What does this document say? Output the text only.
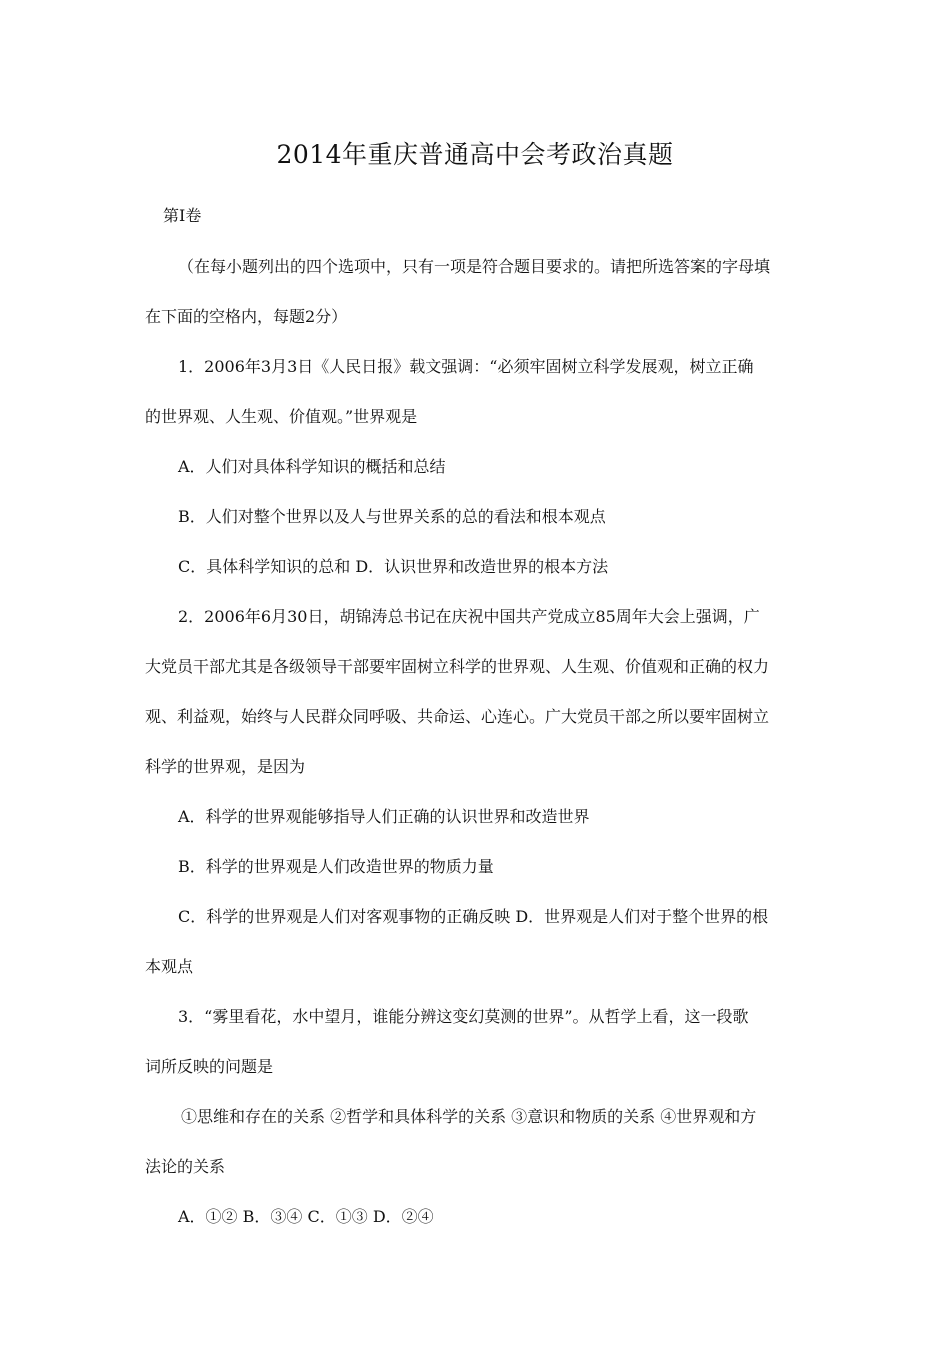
2014年重庆普通高中会考政治真题
第Ⅰ卷
（在每小题列出的四个选项中，只有一项是符合题目要求的。请把所选答案的字母填
在下面的空格内，每题2分）
1．2006年3月3日《人民日报》载文强调：“必须牢固树立科学发展观，树立正确
的世界观、人生观、价值观。”世界观是
A．人们对具体科学知识的概括和总结
B．人们对整个世界以及人与世界关系的总的看法和根本观点
C．具体科学知识的总和 D．认识世界和改造世界的根本方法
2．2006年6月30日，胡锦涛总书记在庆祝中国共产党成立85周年大会上强调，广
大党员干部尤其是各级领导干部要牢固树立科学的世界观、人生观、价值观和正确的权力
观、利益观，始终与人民群众同呼吸、共命运、心连心。广大党员干部之所以要牢固树立
科学的世界观，是因为
A．科学的世界观能够指导人们正确的认识世界和改造世界
B．科学的世界观是人们改造世界的物质力量
C．科学的世界观是人们对客观事物的正确反映 D．世界观是人们对于整个世界的根
本观点
3．“雾里看花，水中望月，谁能分辨这变幻莫测的世界”。从哲学上看，这一段歌
词所反映的问题是
①思维和存在的关系 ②哲学和具体科学的关系 ③意识和物质的关系 ④世界观和方
法论的关系
A．①② B．③④ C．①③ D．②④
